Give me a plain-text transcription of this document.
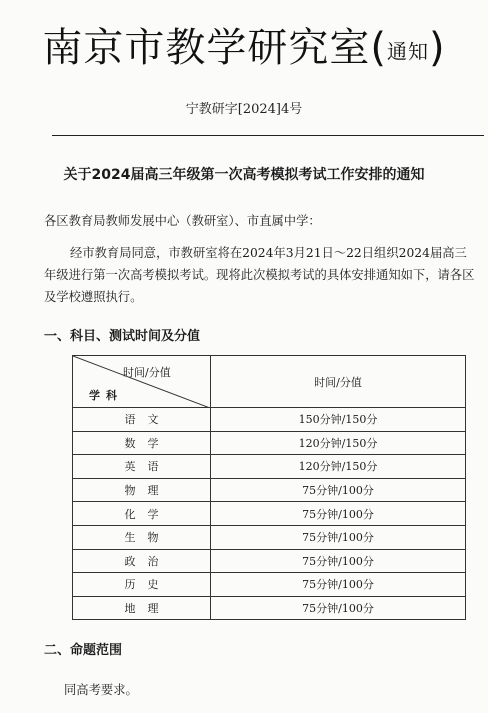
南京市教学研究室(通知)
宁教研字[2024]4号
关于2024届高三年级第一次高考模拟考试工作安排的通知
各区教育局教师发展中心（教研室）、市直属中学：
经市教育局同意，市教研室将在2024年3月21日～22日组织2024届高三
年级进行第一次高考模拟考试。现将此次模拟考试的具体安排通知如下，请各区
及学校遵照执行。
一、科目、测试时间及分值
时间/分值
学科	时间/分值
语文	150分钟/150分
数学	120分钟/150分
英语	120分钟/150分
物理	75分钟/100分
化学	75分钟/100分
生物	75分钟/100分
政治	75分钟/100分
历史	75分钟/100分
地理	75分钟/100分
二、命题范围
同高考要求。
